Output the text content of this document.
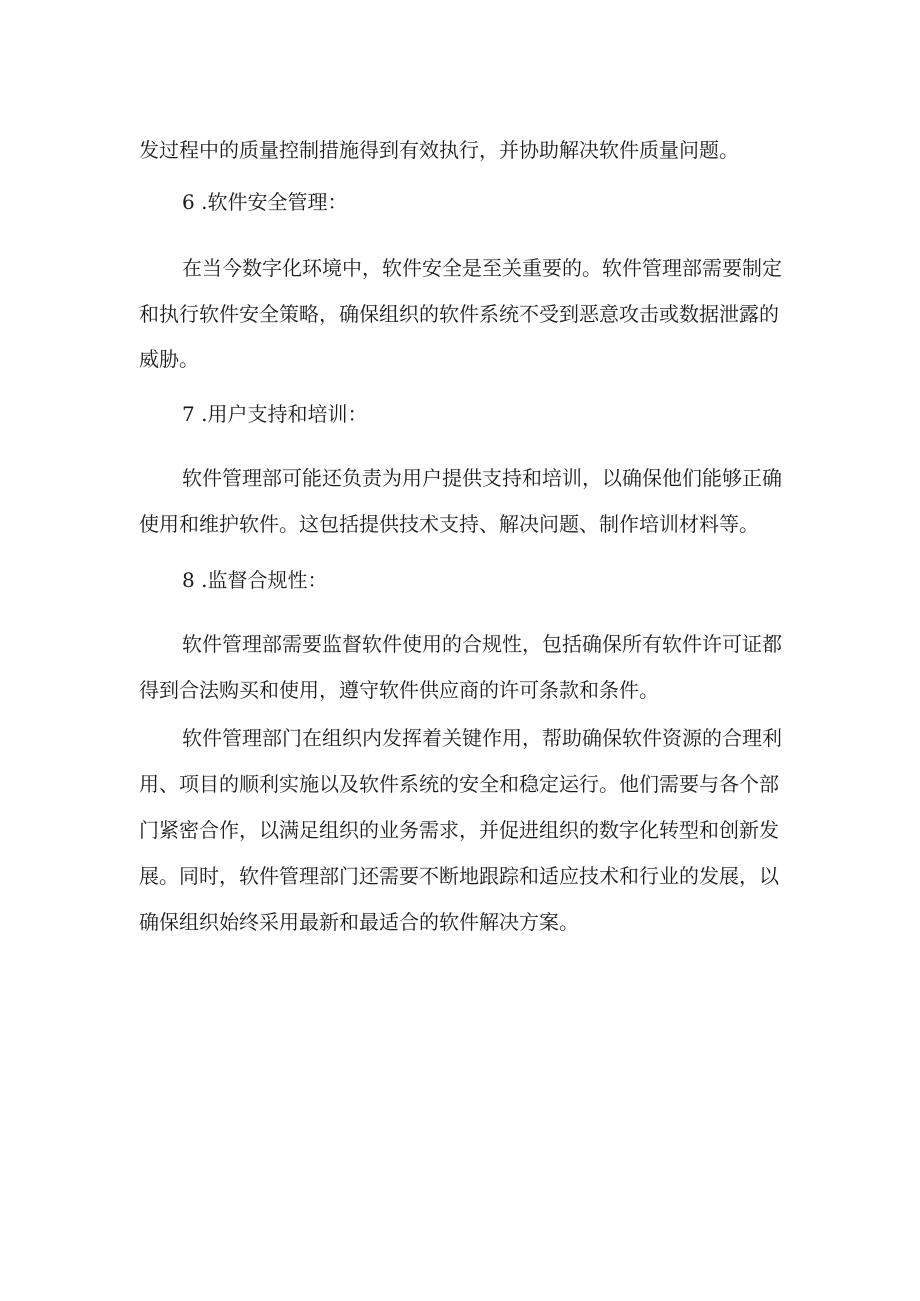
发过程中的质量控制措施得到有效执行，并协助解决软件质量问题。
6 .软件安全管理：
在当今数字化环境中，软件安全是至关重要的。软件管理部需要制定
和执行软件安全策略，确保组织的软件系统不受到恶意攻击或数据泄露的
威胁。
7 .用户支持和培训：
软件管理部可能还负责为用户提供支持和培训，以确保他们能够正确
使用和维护软件。这包括提供技术支持、解决问题、制作培训材料等。
8 .监督合规性：
软件管理部需要监督软件使用的合规性，包括确保所有软件许可证都
得到合法购买和使用，遵守软件供应商的许可条款和条件。
软件管理部门在组织内发挥着关键作用，帮助确保软件资源的合理利
用、项目的顺利实施以及软件系统的安全和稳定运行。他们需要与各个部
门紧密合作，以满足组织的业务需求，并促进组织的数字化转型和创新发
展。同时，软件管理部门还需要不断地跟踪和适应技术和行业的发展，以
确保组织始终采用最新和最适合的软件解决方案。
